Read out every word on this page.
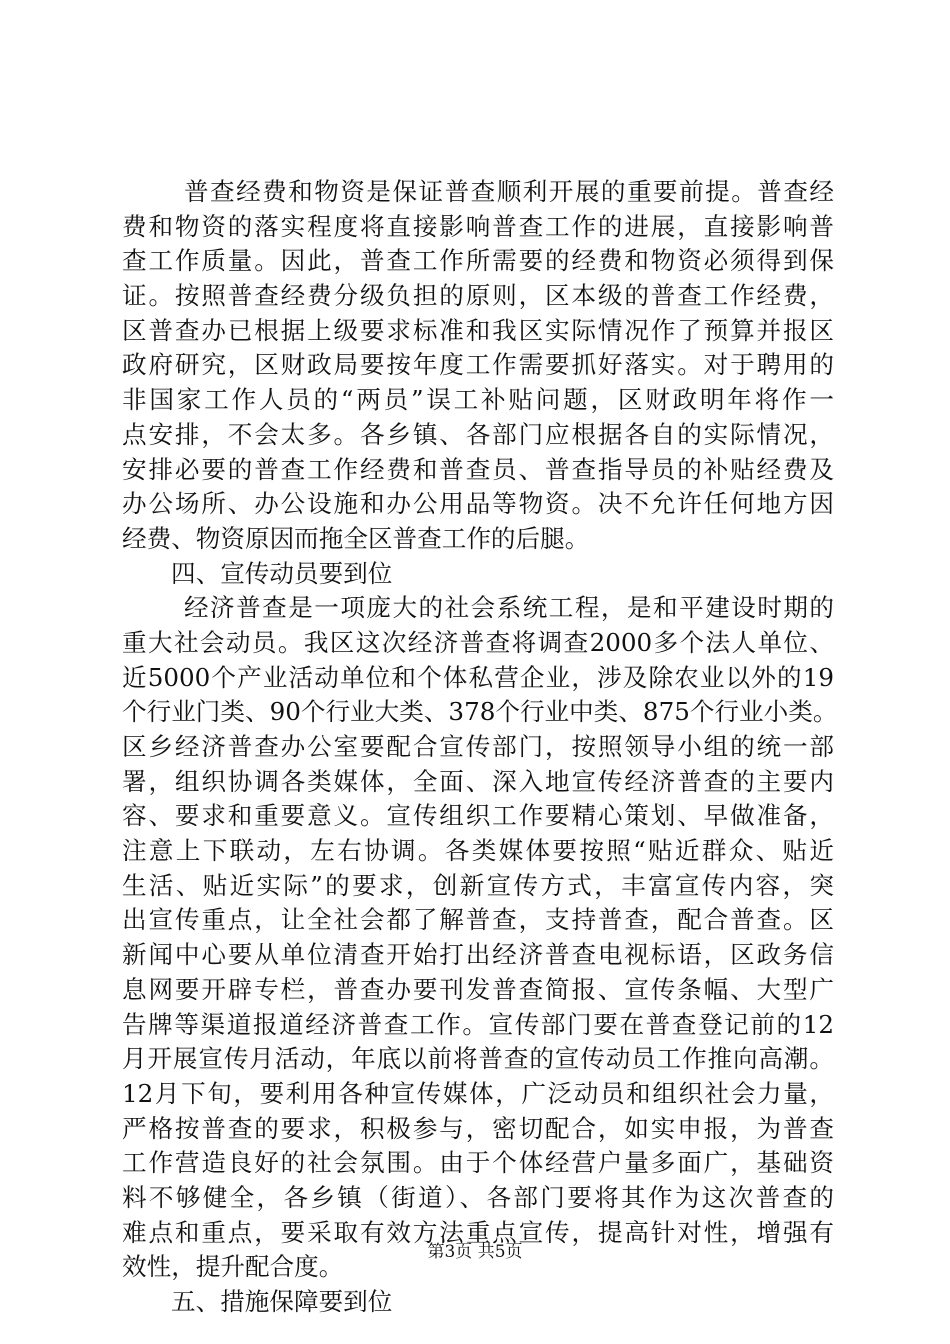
普查经费和物资是保证普查顺利开展的重要前提。普查经
费和物资的落实程度将直接影响普查工作的进展，直接影响普
查工作质量。因此，普查工作所需要的经费和物资必须得到保
证。按照普查经费分级负担的原则，区本级的普查工作经费，
区普查办已根据上级要求标准和我区实际情况作了预算并报区
政府研究，区财政局要按年度工作需要抓好落实。对于聘用的
非国家工作人员的“两员”误工补贴问题，区财政明年将作一
点安排，不会太多。各乡镇、各部门应根据各自的实际情况，
安排必要的普查工作经费和普查员、普查指导员的补贴经费及
办公场所、办公设施和办公用品等物资。决不允许任何地方因
经费、物资原因而拖全区普查工作的后腿。
四、宣传动员要到位
经济普查是一项庞大的社会系统工程，是和平建设时期的
重大社会动员。我区这次经济普查将调查2000多个法人单位、
近5000个产业活动单位和个体私营企业，涉及除农业以外的19
个行业门类、90个行业大类、378个行业中类、875个行业小类。
区乡经济普查办公室要配合宣传部门，按照领导小组的统一部
署，组织协调各类媒体，全面、深入地宣传经济普查的主要内
容、要求和重要意义。宣传组织工作要精心策划、早做准备，
注意上下联动，左右协调。各类媒体要按照“贴近群众、贴近
生活、贴近实际”的要求，创新宣传方式，丰富宣传内容，突
出宣传重点，让全社会都了解普查，支持普查，配合普查。区
新闻中心要从单位清查开始打出经济普查电视标语，区政务信
息网要开辟专栏，普查办要刊发普查简报、宣传条幅、大型广
告牌等渠道报道经济普查工作。宣传部门要在普查登记前的12
月开展宣传月活动，年底以前将普查的宣传动员工作推向高潮。
12月下旬，要利用各种宣传媒体，广泛动员和组织社会力量，
严格按普查的要求，积极参与，密切配合，如实申报，为普查
工作营造良好的社会氛围。由于个体经营户量多面广，基础资
料不够健全，各乡镇（街道）、各部门要将其作为这次普查的
难点和重点，要采取有效方法重点宣传，提高针对性，增强有
效性，提升配合度。
五、措施保障要到位
第3页 共5页
